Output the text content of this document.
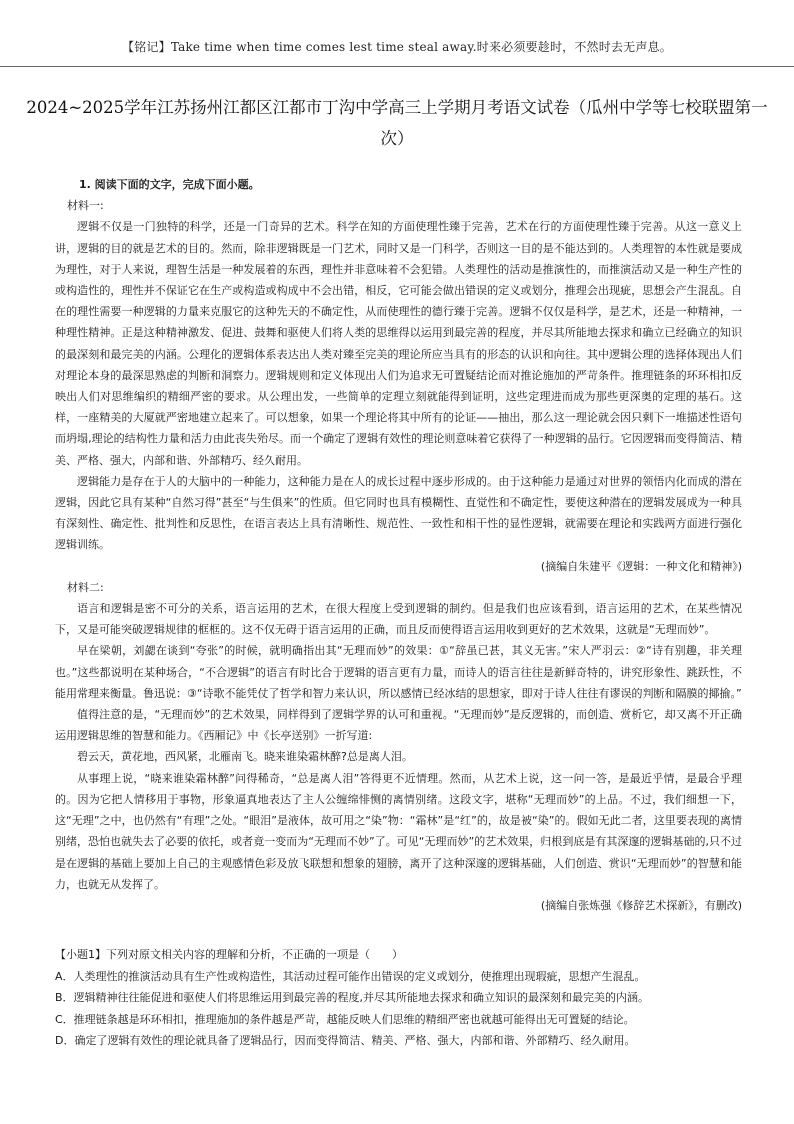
【铭记】Take time when time comes lest time steal away.时来必须要趁时，不然时去无声息。
2024~2025学年江苏扬州江都区江都市丁沟中学高三上学期月考语文试卷（瓜州中学等七校联盟第一次）

1. 阅读下面的文字，完成下面小题。

材料一:

逻辑不仅是一门独特的科学，还是一门奇异的艺术。科学在知的方面使理性臻于完善，艺术在行的方面使理性臻于完善。从这一意义上讲，逻辑的目的就是艺术的目的。然而，除非逻辑既是一门艺术，同时又是一门科学，否则这一目的是不能达到的。人类理智的本性就是要成为理性，对于人来说，理智生活是一种发展着的东西，理性并非意味着不会犯错。人类理性的活动是推演性的，而推演活动又是一种生产性的或构造性的，理性并不保证它在生产或构造或构成中不会出错，相反，它可能会做出错误的定义或划分，推理会出现疵，思想会产生混乱。自在的理性需要一种逻辑的力量来克服它的这种先天的不确定性，从而使理性的德行臻于完善。逻辑不仅仅是科学，是艺术，还是一种精神，一种理性精神。正是这种精神激发、促进、鼓舞和驱使人们将人类的思维得以运用到最完善的程度，并尽其所能地去探求和确立已经确立的知识的最深刻和最完美的内涵。公理化的逻辑体系表达出人类对臻至完美的理论所应当具有的形态的认识和向往。其中逻辑公理的选择体现出人们对理论本身的最深思熟虑的判断和洞察力。逻辑规则和定义体现出人们为追求无可置疑结论而对推论施加的严苛条件。推理链条的环环相扣反映出人们对思维编织的精细严密的要求。从公理出发，一些简单的定理立刻就能得到证明，这些定理进而成为那些更深奥的定理的基石。这样，一座精美的大厦就严密地建立起来了。可以想象，如果一个理论将其中所有的论证——抽出，那么这一理论就会因只剩下一堆描述性语句而坍塌,理论的结构性力量和活力由此丧失殆尽。而一个确定了逻辑有效性的理论则意味着它获得了一种逻辑的品行。它因逻辑而变得简洁、精美、严格、强大，内部和谐、外部精巧、经久耐用。

逻辑能力是存在于人的大脑中的一种能力，这种能力是在人的成长过程中逐步形成的。由于这种能力是通过对世界的领悟内化而成的潜在逻辑，因此它具有某种“自然习得”甚至“与生俱来”的性质。但它同时也具有模糊性、直觉性和不确定性，要使这种潜在的逻辑发展成为一种具有深刻性、确定性、批判性和反思性，在语言表达上具有清晰性、规范性、一致性和相干性的显性逻辑，就需要在理论和实践两方面进行强化逻辑训练。

(摘编自朱建平《逻辑：一种文化和精神》)

材料二:

语言和逻辑是密不可分的关系，语言运用的艺术，在很大程度上受到逻辑的制约。但是我们也应该看到，语言运用的艺术，在某些情况下，又是可能突破逻辑规律的框框的。这不仅无碍于语言运用的正确，而且反而使得语言运用收到更好的艺术效果，这就是“无理而妙”。

早在梁朝，刘勰在谈到“夸张”的时候，就明确指出其“无理而妙”的效果：①“辞虽已甚，其义无害。”宋人严羽云：②“诗有别趣，非关理也。”这些都说明在某种场合，“不合逻辑”的语言有时比合于逻辑的语言更有力量，而诗人的语言往往是新鲜奇特的，讲究形象性、跳跃性，不能用常理来衡量。鲁迅说：③“诗歌不能凭仗了哲学和智力来认识，所以感情已经冰结的思想家，即对于诗人往往有谬误的判断和隔膜的揶揄。”

值得注意的是，“无理而妙”的艺术效果，同样得到了逻辑学界的认可和重视。“无理而妙”是反逻辑的，而创造、赏析它，却又离不开正确运用逻辑思维的智慧和能力。《西厢记》中《长亭送别》一折写道:

碧云天，黄花地，西风紧，北雁南飞。晓来谁染霜林醉?总是离人泪。

从事理上说，“晓来谁染霜林醉”问得稀奇，“总是离人泪”答得更不近情理。然而，从艺术上说，这一问一答，是最近乎情，是最合乎理的。因为它把人情移用于事物，形象逼真地表达了主人公缠绵悱恻的离情别绪。这段文字，堪称“无理而妙”的上品。不过，我们细想一下，这“无理”之中，也仍然有“有理”之处。“眼泪”是液体，故可用之“染”物：“霜林”是“红”的，故是被“染”的。假如无此二者，这里要表现的离情别绪，恐怕也就失去了必要的依托，或者竟一变而为“无理而不妙”了。可见“无理而妙”的艺术效果，归根到底是有其深邃的逻辑基础的,只不过是在逻辑的基础上要加上自己的主观感情色彩及放飞联想和想象的翅膀，离开了这种深邃的逻辑基础，人们创造、赏识“无理而妙”的智慧和能力，也就无从发挥了。

(摘编自张炼强《修辞艺术探新》，有删改)

【小题1】下列对原文相关内容的理解和分析，不正确的一项是（　　）

A．人类理性的推演活动具有生产性或构造性，其活动过程可能作出错误的定义或划分，使推理出现瑕疵，思想产生混乱。

B．逻辑精神往往能促进和驱使人们将思维运用到最完善的程度,并尽其所能地去探求和确立知识的最深刻和最完美的内涵。

C．推理链条越是环环相扣，推理施加的条件越是严苛，越能反映人们思维的精细严密也就越可能得出无可置疑的结论。

D．确定了逻辑有效性的理论就具备了逻辑品行，因而变得简洁、精美、严格、强大，内部和谐、外部精巧、经久耐用。
